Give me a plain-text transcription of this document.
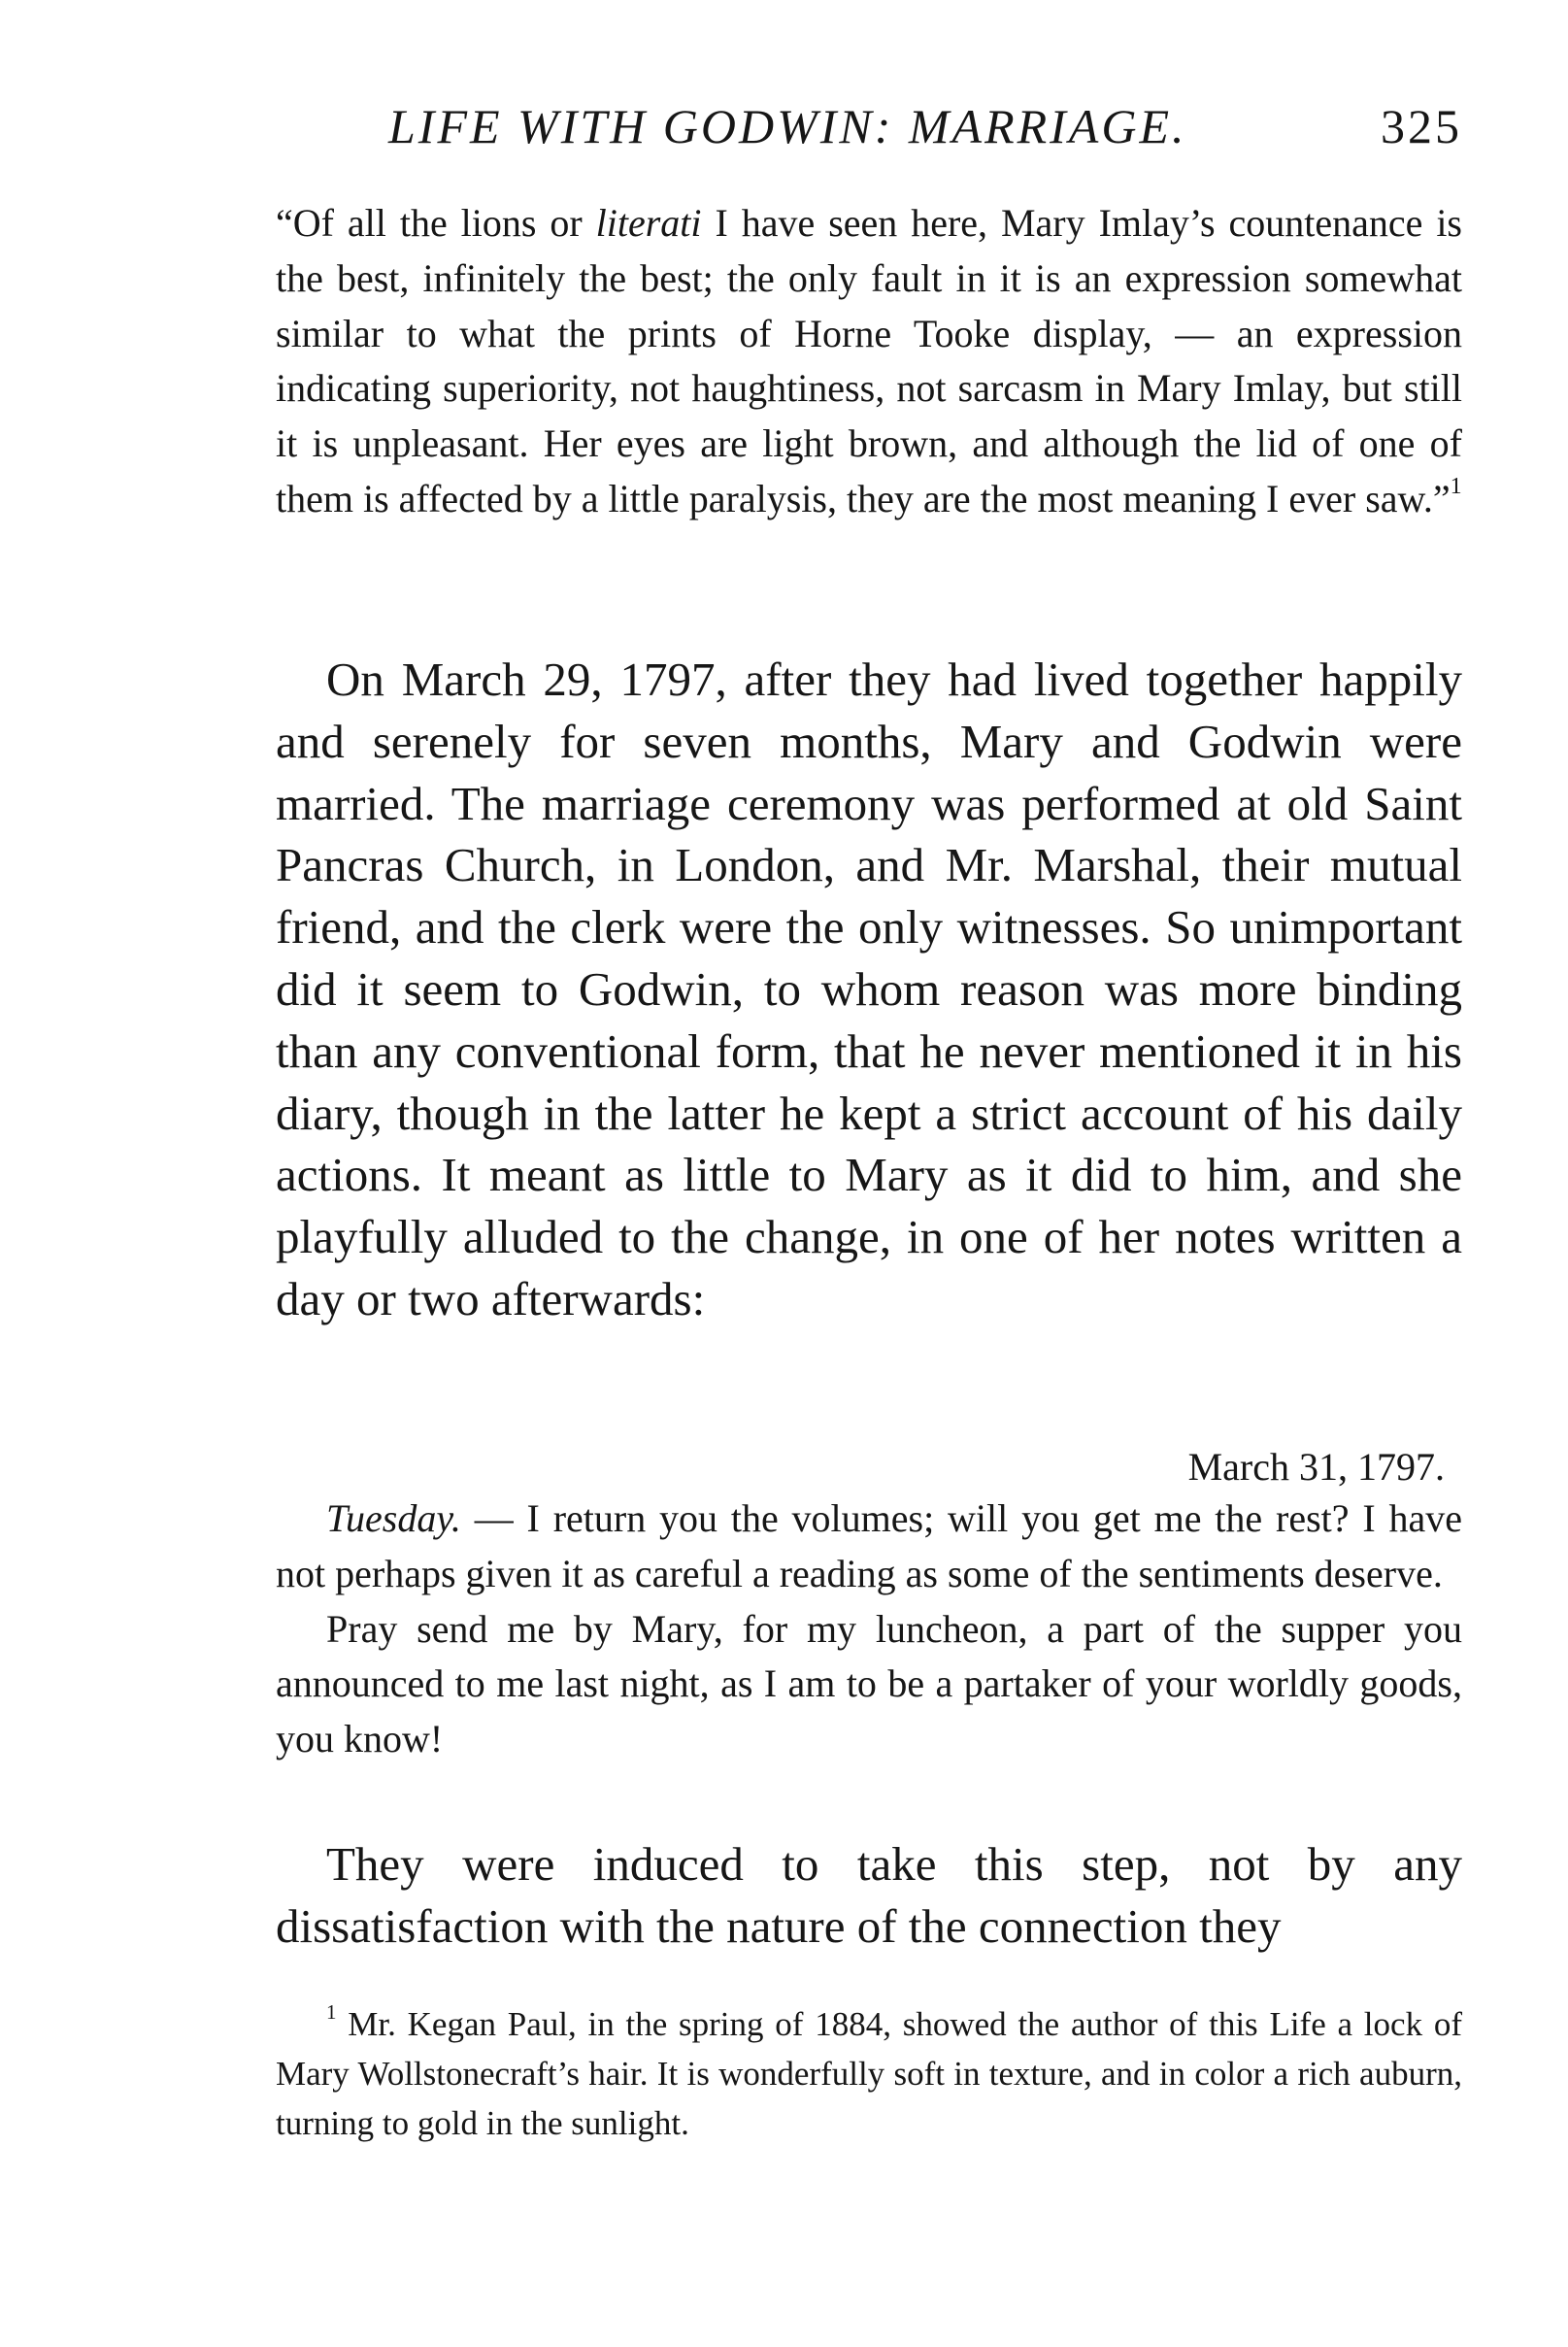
LIFE WITH GODWIN: MARRIAGE.	325

“Of all the lions or literati I have seen here, Mary Imlay’s countenance is the best, infinitely the best; the only fault in it is an expression somewhat similar to what the prints of Horne Tooke display, — an expression indicating superiority, not haughtiness, not sarcasm in Mary Imlay, but still it is unpleasant. Her eyes are light brown, and although the lid of one of them is affected by a little paralysis, they are the most meaning I ever saw.”$^1$

On March 29, 1797, after they had lived together happily and serenely for seven months, Mary and Godwin were married. The marriage ceremony was performed at old Saint Pancras Church, in London, and Mr. Marshal, their mutual friend, and the clerk were the only witnesses. So unimportant did it seem to Godwin, to whom reason was more binding than any conventional form, that he never mentioned it in his diary, though in the latter he kept a strict account of his daily actions. It meant as little to Mary as it did to him, and she playfully alluded to the change, in one of her notes written a day or two afterwards:

March 31, 1797.

Tuesday. — I return you the volumes; will you get me the rest? I have not perhaps given it as careful a reading as some of the sentiments deserve.

Pray send me by Mary, for my luncheon, a part of the supper you announced to me last night, as I am to be a partaker of your worldly goods, you know!

They were induced to take this step, not by any dissatisfaction with the nature of the connection they

$^1$ Mr. Kegan Paul, in the spring of 1884, showed the author of this Life a lock of Mary Wollstonecraft’s hair. It is wonderfully soft in texture, and in color a rich auburn, turning to gold in the sunlight.
